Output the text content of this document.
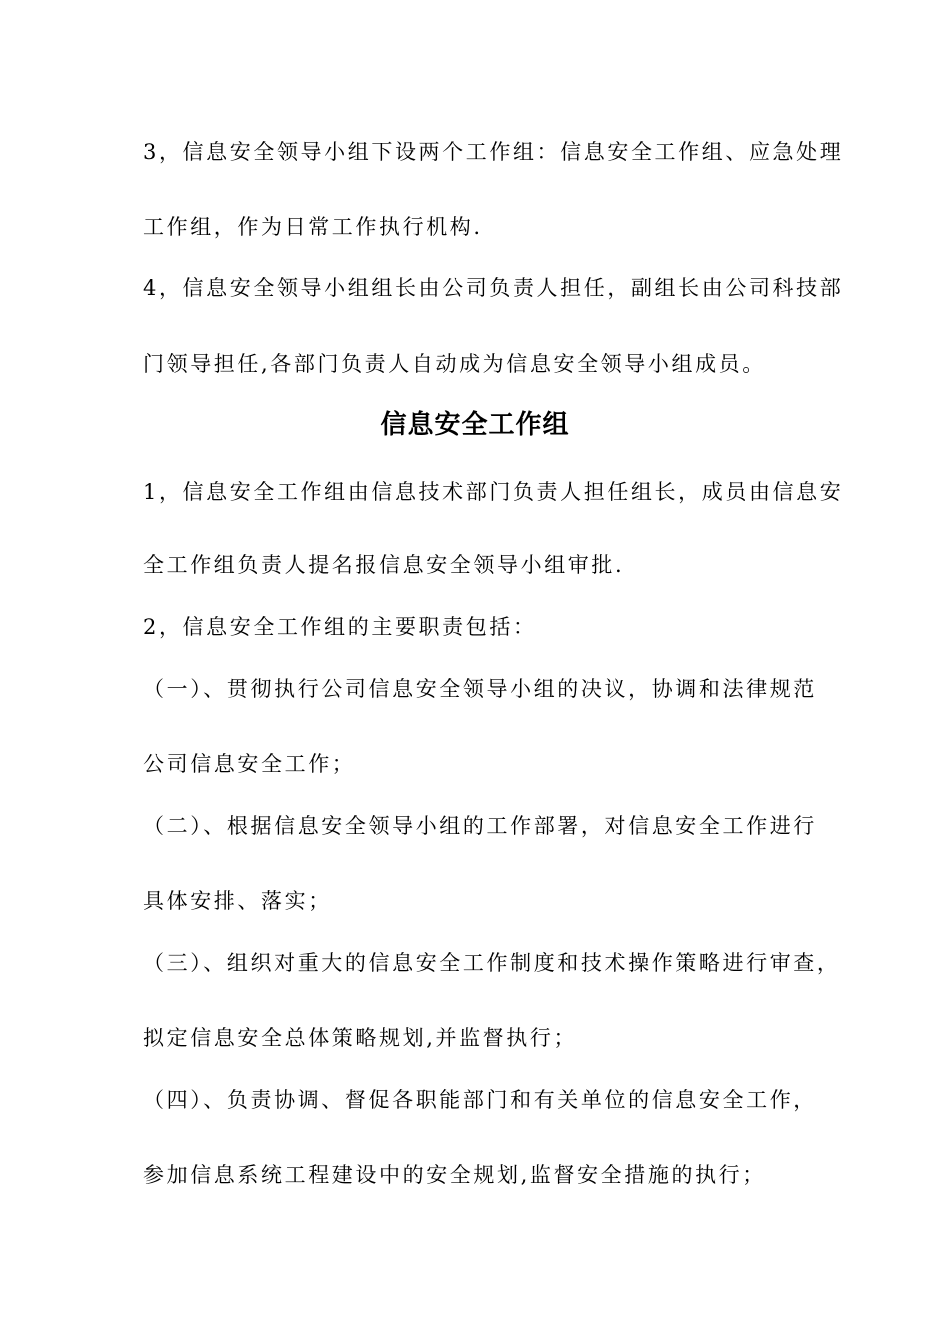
3，信息安全领导小组下设两个工作组：信息安全工作组、应急处理
工作组，作为日常工作执行机构.
4，信息安全领导小组组长由公司负责人担任，副组长由公司科技部
门领导担任,各部门负责人自动成为信息安全领导小组成员。
信息安全工作组
1，信息安全工作组由信息技术部门负责人担任组长，成员由信息安
全工作组负责人提名报信息安全领导小组审批.
2，信息安全工作组的主要职责包括：
（一）、贯彻执行公司信息安全领导小组的决议，协调和法律规范
公司信息安全工作；
（二）、根据信息安全领导小组的工作部署，对信息安全工作进行
具体安排、落实；
（三）、组织对重大的信息安全工作制度和技术操作策略进行审查，
拟定信息安全总体策略规划,并监督执行；
（四）、负责协调、督促各职能部门和有关单位的信息安全工作，
参加信息系统工程建设中的安全规划,监督安全措施的执行；
